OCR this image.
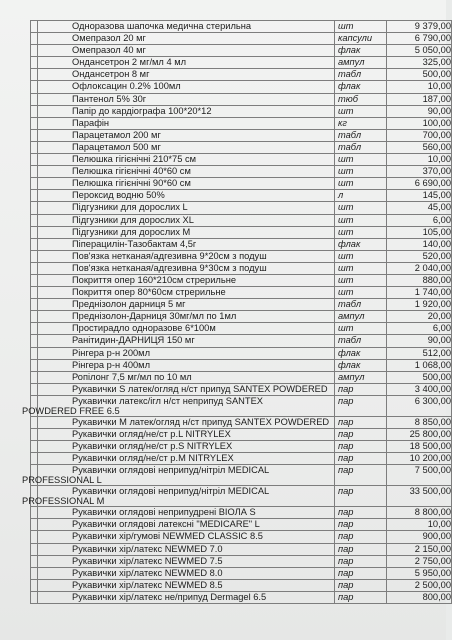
	Одноразова шапочка медична стерильна	шт	9 379,00
	Омепразол 20 мг	капсули	6 790,00
	Омепразол 40 мг	флак	5 050,00
	Ондансетрон 2 мг/мл 4 мл	ампул	325,00
	Ондансетрон 8 мг	табл	500,00
	Офлоксацин 0.2% 100мл	флак	10,00
	Пантенол 5% 30г	тюб	187,00
	Папір до кардіографа 100*20*12	шт	90,00
	Парафін	кг	100,00
	Парацетамол 200 мг	табл	700,00
	Парацетамол 500 мг	табл	560,00
	Пелюшка гігієнічні 210*75 см	шт	10,00
	Пелюшка гігієнічні 40*60 см	шт	370,00
	Пелюшка гігієнічні 90*60 см	шт	6 690,00
	Пероксид водню 50%	л	145,00
	Підгузники для дорослих L	шт	45,00
	Підгузники для дорослих XL	шт	6,00
	Підгузники для дорослих M	шт	105,00
	Піперацилін-Тазобактам 4,5г	флак	140,00
	Пов'язка нетканая/адгезивна 9*20см з подуш	шт	520,00
	Пов'язка нетканая/адгезивна 9*30см з подуш	шт	2 040,00
	Покриття опер 160*210см стрерильне	шт	880,00
	Покриття опер 80*60см стрерильне	шт	1 740,00
	Преднізолон дарниця 5 мг	табл	1 920,00
	Преднізолон-Дарниця 30мг/мл по 1мл	ампул	20,00
	Простирадло одноразове 6*100м	шт	6,00
	Ранітидин-ДАРНИЦЯ 150 мг	табл	90,00
	Рінгера р-н 200мл	флак	512,00
	Рінгера р-н 400мл	флак	1 068,00
	Ропілонг 7,5 мг/мл по 10 мл	ампул	500,00
	Рукавички S латек/огляд н/ст припуд SANTEX POWDERED	пар	3 400,00

	Рукавички латекс/ігл н/ст неприпуд SANTEX POWDERED FREE 6.5	пар	6 300,00
	Рукавички M латек/огляд н/ст припуд SANTEX POWDERED	пар	8 850,00
	Рукавички огляд/не/ст р.L NITRYLEX	пар	25 800,00
	Рукавички огляд/не/ст р.S NITRYLEX	пар	18 500,00
	Рукавички огляд/не/ст р.M NITRYLEX	пар	10 200,00

	Рукавички оглядові неприпуд/нітріл MEDICAL PROFESSIONAL L	пар	7 500,00

	Рукавички оглядові неприпуд/нітріл MEDICAL PROFESSIONAL M	пар	33 500,00
	Рукавички оглядові неприпудрені ВІОЛА S	пар	8 800,00
	Рукавички оглядові латексні "MEDICARE" L	пар	10,00
	Рукавички хір/гумові NEWMED CLASSIC 8.5	пар	900,00
	Рукавички хір/латекс NEWMED 7.0	пар	2 150,00
	Рукавички хір/латекс NEWMED 7.5	пар	2 750,00
	Рукавички хір/латекс NEWMED 8.0	пар	5 950,00
	Рукавички хір/латекс NEWMED 8.5	пар	2 500,00
	Рукавички хір/латекс не/припуд Dermagel 6.5	пар	800,00
